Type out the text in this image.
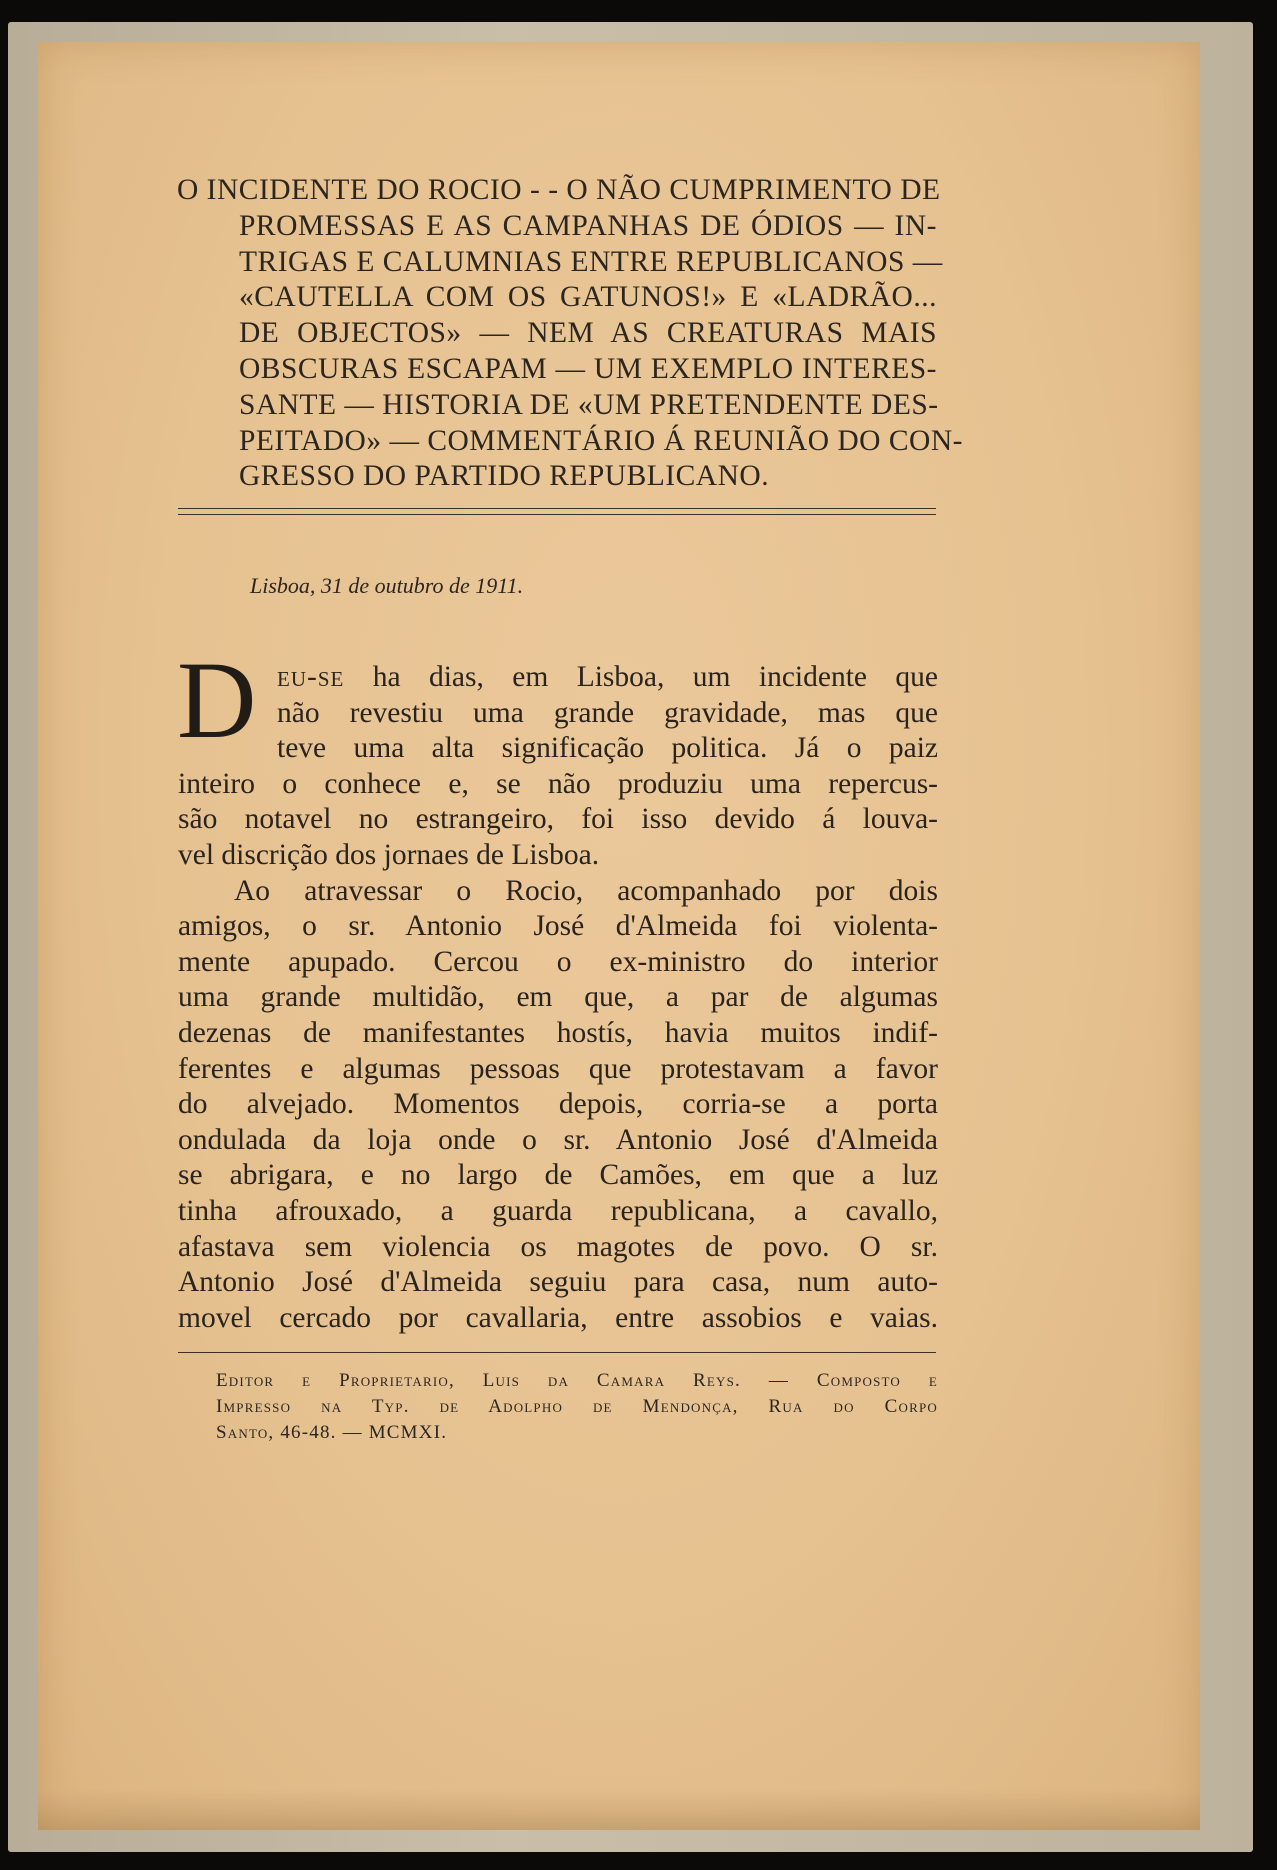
O INCIDENTE DO ROCIO - - O NÃO CUMPRIMENTO DE
PROMESSAS E AS CAMPANHAS DE ÓDIOS — IN-
TRIGAS E CALUMNIAS ENTRE REPUBLICANOS —
«CAUTELLA COM OS GATUNOS!» E «LADRÃO...
DE OBJECTOS» — NEM AS CREATURAS MAIS
OBSCURAS ESCAPAM — UM EXEMPLO INTERES-
SANTE — HISTORIA DE «UM PRETENDENTE DES-
PEITADO» — COMMENTÁRIO Á REUNIÃO DO CON-
GRESSO DO PARTIDO REPUBLICANO.
Lisboa, 31 de outubro de 1911.
D eu-se ha dias, em Lisboa, um incidente que
não revestiu uma grande gravidade, mas que
teve uma alta significação politica. Já o paiz
inteiro o conhece e, se não produziu uma repercus-
são notavel no estrangeiro, foi isso devido á louva-
vel discrição dos jornaes de Lisboa.
Ao atravessar o Rocio, acompanhado por dois
amigos, o sr. Antonio José d'Almeida foi violenta-
mente apupado. Cercou o ex-ministro do interior
uma grande multidão, em que, a par de algumas
dezenas de manifestantes hostís, havia muitos indif-
ferentes e algumas pessoas que protestavam a favor
do alvejado. Momentos depois, corria-se a porta
ondulada da loja onde o sr. Antonio José d'Almeida
se abrigara, e no largo de Camões, em que a luz
tinha afrouxado, a guarda republicana, a cavallo,
afastava sem violencia os magotes de povo. O sr.
Antonio José d'Almeida seguiu para casa, num auto-
movel cercado por cavallaria, entre assobios e vaias.
Editor e Proprietario, Luis da Camara Reys. — Composto e
Impresso na Typ. de Adolpho de Mendonça, Rua do Corpo
Santo, 46-48. — MCMXI.
